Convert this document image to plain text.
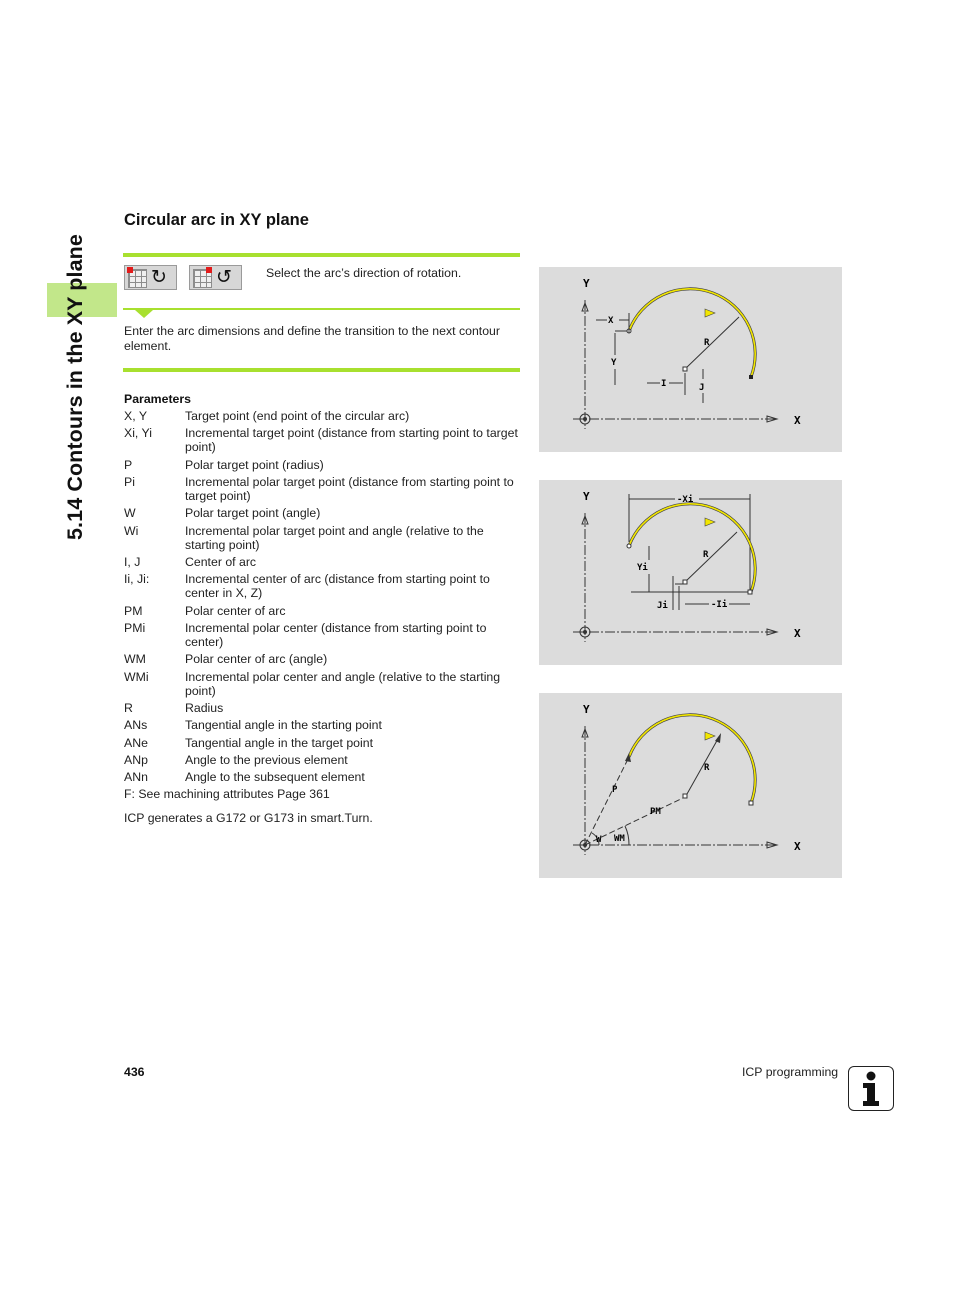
5.14 Contours in the XY plane
Circular arc in XY plane
↻	↺	Select the arc’s direction of rotation.
Enter the arc dimensions and define the transition to the next contour element.
Parameters
X, Y	Target point (end point of the circular arc)
Xi, Yi	Incremental target point (distance from starting point to target point)
P	Polar target point (radius)
Pi	Incremental polar target point (distance from starting point to target point)
W	Polar target point (angle)
Wi	Incremental polar target point and angle (relative to the starting point)
I, J	Center of arc
Ii, Ji:	Incremental center of arc (distance from starting point to center in X, Z)
PM	Polar center of arc
PMi	Incremental polar center (distance from starting point to center)
WM	Polar center of arc (angle)
WMi	Incremental polar center and angle (relative to the starting point)
R	Radius
ANs	Tangential angle in the starting point
ANe	Tangential angle in the target point
ANp	Angle to the previous element
ANn	Angle to the subsequent element
F: See machining attributes Page 361
ICP generates a G172 or G173 in smart.Turn.
Y
X
X
Y
R
I	J
Y
X
-Xi
R
Yi
Ji	-Ii
Y
X
P
PM
R
W WM
436	ICP programming
